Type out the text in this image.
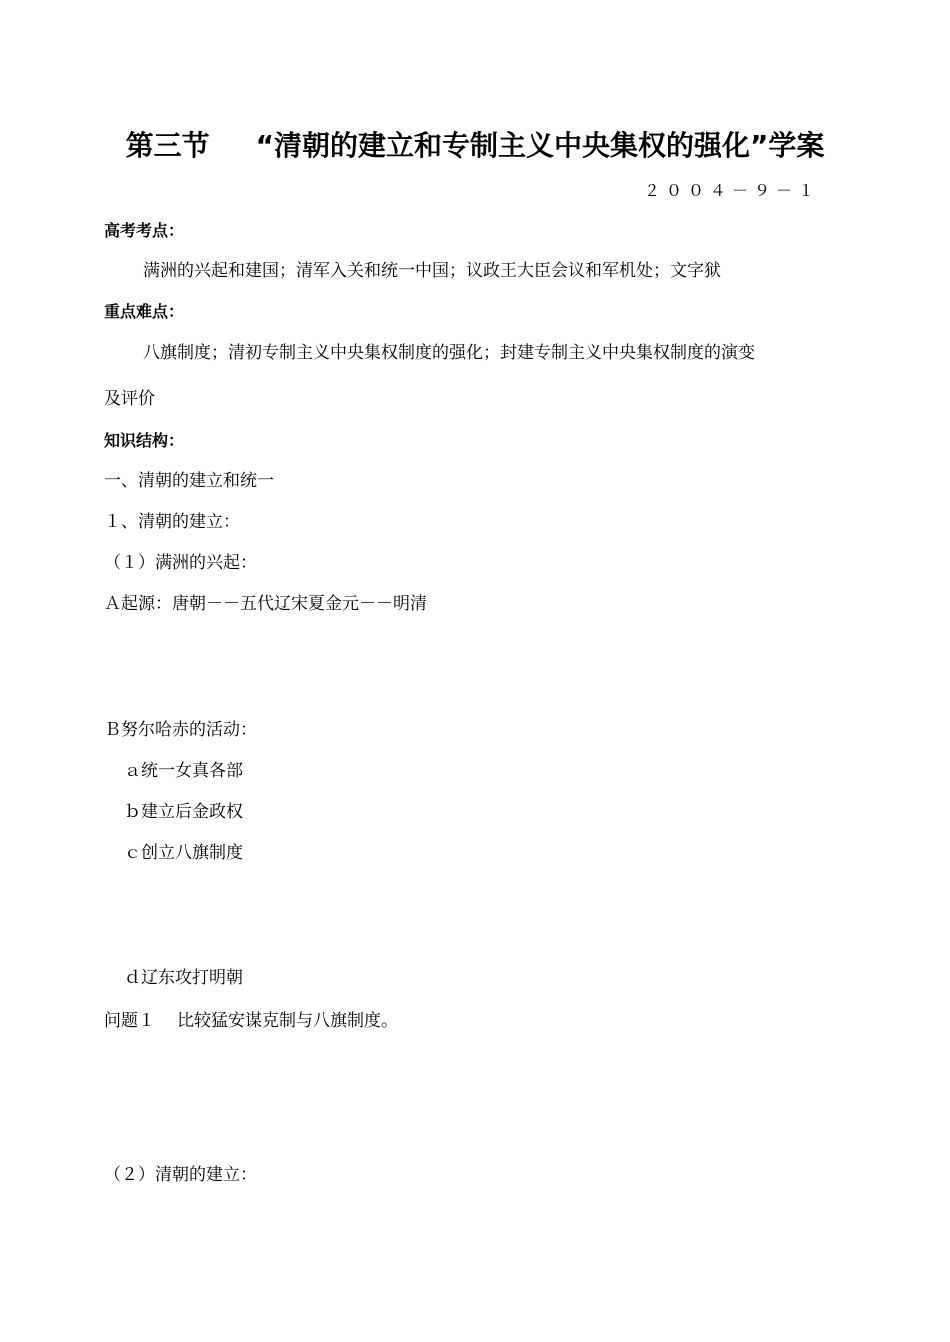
第三节 “清朝的建立和专制主义中央集权的强化”学案
２００４－９－１
高考考点：
满洲的兴起和建国；清军入关和统一中国；议政王大臣会议和军机处；文字狱
重点难点：
八旗制度；清初专制主义中央集权制度的强化；封建专制主义中央集权制度的演变
及评价
知识结构：
一、清朝的建立和统一
１、清朝的建立：
（１）满洲的兴起：
Ａ起源：唐朝－－五代辽宋夏金元－－明清
Ｂ努尔哈赤的活动：
ａ统一女真各部
ｂ建立后金政权
ｃ创立八旗制度
ｄ辽东攻打明朝
问题１ 比较猛安谋克制与八旗制度。
（２）清朝的建立：
